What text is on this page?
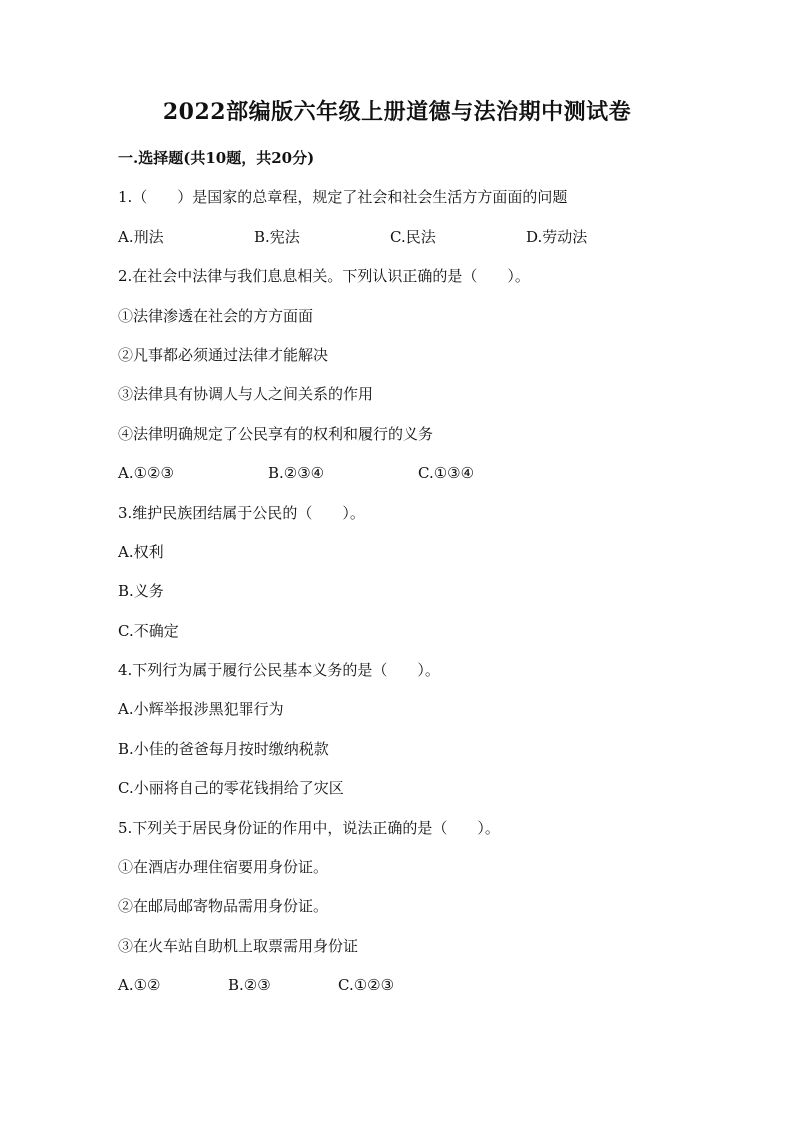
2022部编版六年级上册道德与法治期中测试卷
一.选择题(共10题，共20分)
1.（　　）是国家的总章程，规定了社会和社会生活方方面面的问题
A.刑法	B.宪法	C.民法	D.劳动法
2.在社会中法律与我们息息相关。下列认识正确的是（　　）。
①法律渗透在社会的方方面面
②凡事都必须通过法律才能解决
③法律具有协调人与人之间关系的作用
④法律明确规定了公民享有的权利和履行的义务
A.①②③	B.②③④	C.①③④
3.维护民族团结属于公民的（　　）。
A.权利
B.义务
C.不确定
4.下列行为属于履行公民基本义务的是（　　）。
A.小辉举报涉黑犯罪行为
B.小佳的爸爸每月按时缴纳税款
C.小丽将自己的零花钱捐给了灾区
5.下列关于居民身份证的作用中，说法正确的是（　　）。
①在酒店办理住宿要用身份证。
②在邮局邮寄物品需用身份证。
③在火车站自助机上取票需用身份证
A.①②	B.②③	C.①②③
